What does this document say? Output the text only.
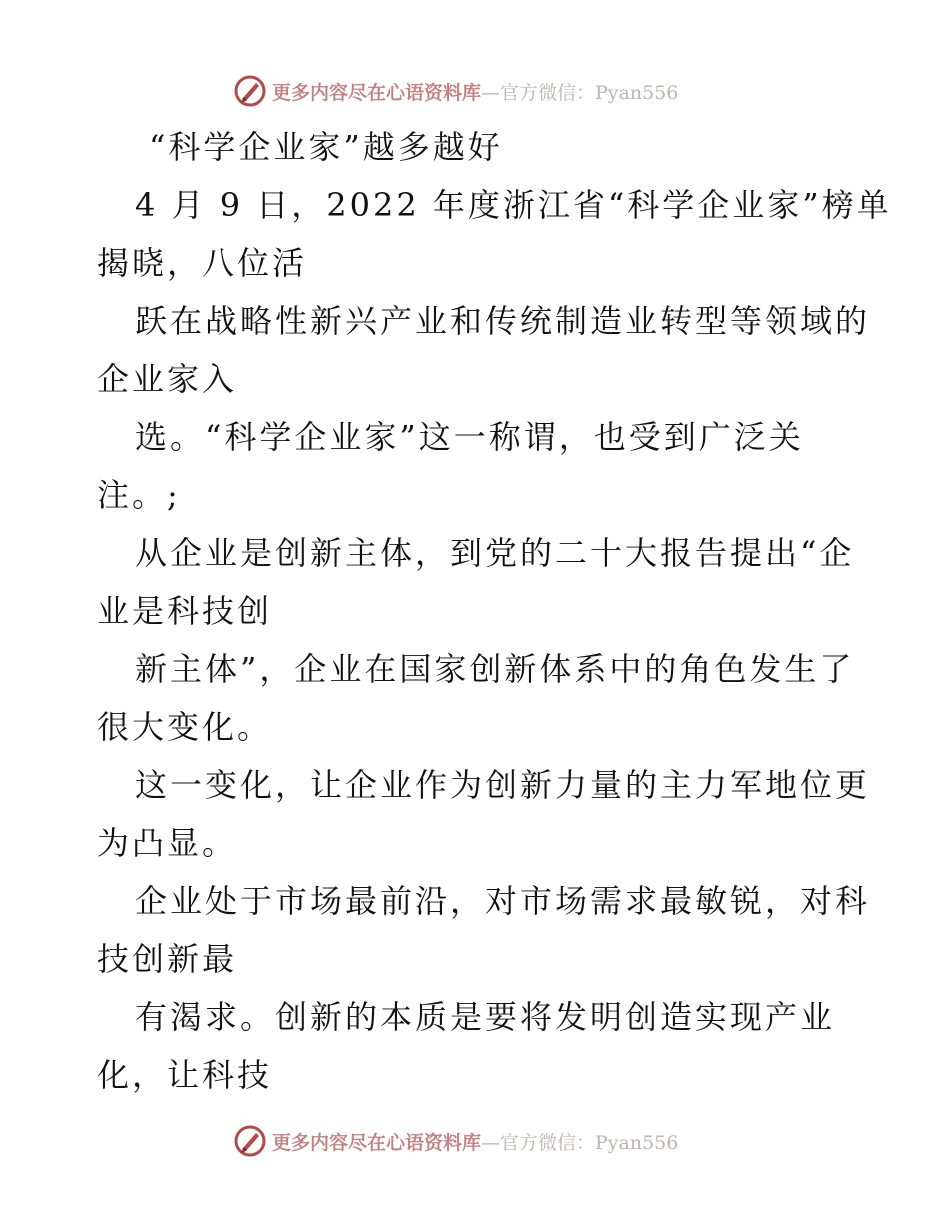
更多内容尽在心语资料库—官方微信：Pyan556
“科学企业家”越多越好
4 月 9 日，2022 年度浙江省“科学企业家”榜单
揭晓，八位活
跃在战略性新兴产业和传统制造业转型等领域的
企业家入
选。“科学企业家”这一称谓，也受到广泛关
注。;
从企业是创新主体，到党的二十大报告提出“企
业是科技创
新主体”，企业在国家创新体系中的角色发生了
很大变化。
这一变化，让企业作为创新力量的主力军地位更
为凸显。
企业处于市场最前沿，对市场需求最敏锐，对科
技创新最
有渴求。创新的本质是要将发明创造实现产业
化，让科技
更多内容尽在心语资料库—官方微信：Pyan556
